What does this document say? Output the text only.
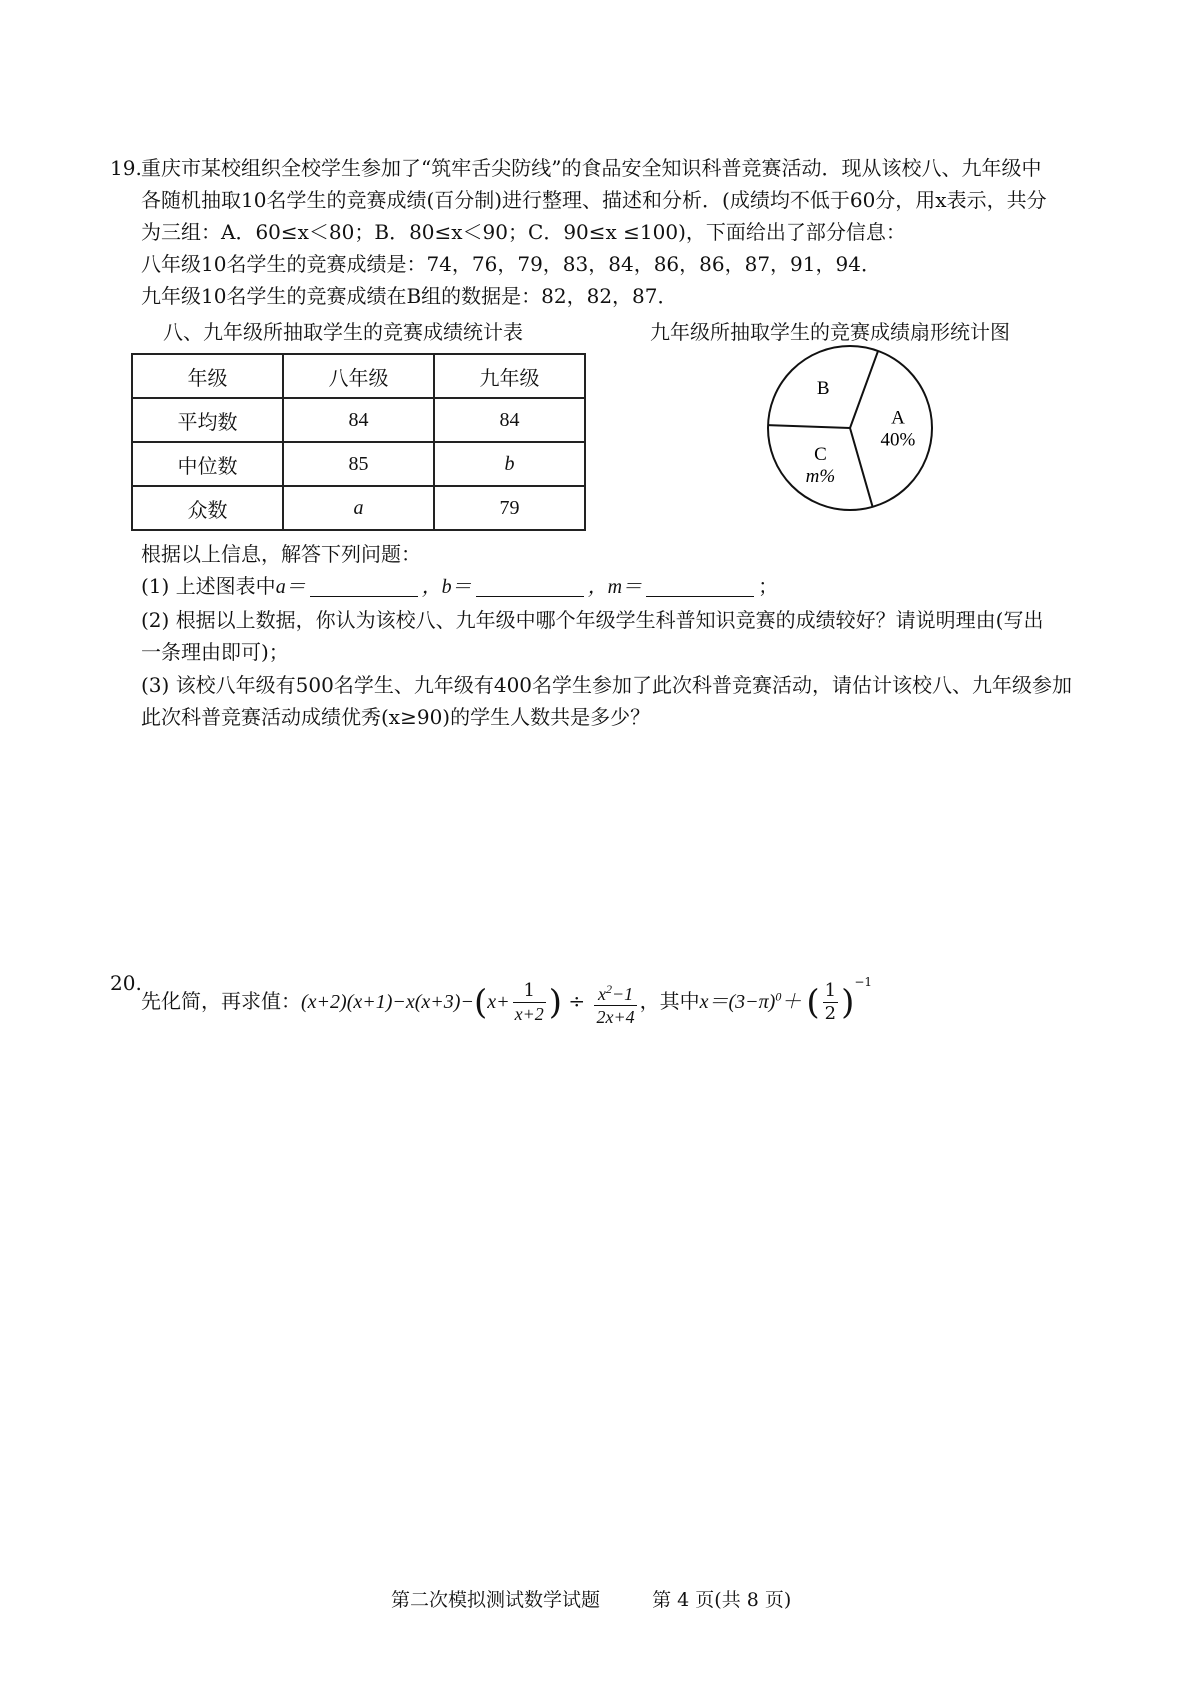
19. 重庆市某校组织全校学生参加了“筑牢舌尖防线”的食品安全知识科普竞赛活动．现从该校八、九年级中
各随机抽取10名学生的竞赛成绩(百分制)进行整理、描述和分析．(成绩均不低于60分，用x表示，共分
为三组：A．60≤x＜80；B．80≤x＜90；C．90≤x ≤100)，下面给出了部分信息：
八年级10名学生的竞赛成绩是：74，76，79，83，84，86，86，87，91，94．
九年级10名学生的竞赛成绩在B组的数据是：82，82，87．
八、九年级所抽取学生的竞赛成绩统计表	九年级所抽取学生的竞赛成绩扇形统计图
年级	八年级	九年级
平均数	84	84
中位数	85	b
众数	a	79
A
40%
C
m%
B
根据以上信息，解答下列问题：
(1) 上述图表中a＝	，b＝	，m＝	；
(2) 根据以上数据，你认为该校八、九年级中哪个年级学生科普知识竞赛的成绩较好？请说明理由(写出
一条理由即可)；
(3) 该校八年级有500名学生、九年级有400名学生参加了此次科普竞赛活动，请估计该校八、九年级参加
此次科普竞赛活动成绩优秀(x≥90)的学生人数共是多少？
20.
先化简，再求值：$(x+2)(x+1)-x(x+3)-(x+ \frac{1}{x+2}$ ) ÷ $\frac{x^2-1}{2x+4}$ ，其中$x=(3-\pi)^0+$ ( $\frac{1}{2} )^{-1}$
第二次模拟测试数学试题	第 4 页(共 8 页)
